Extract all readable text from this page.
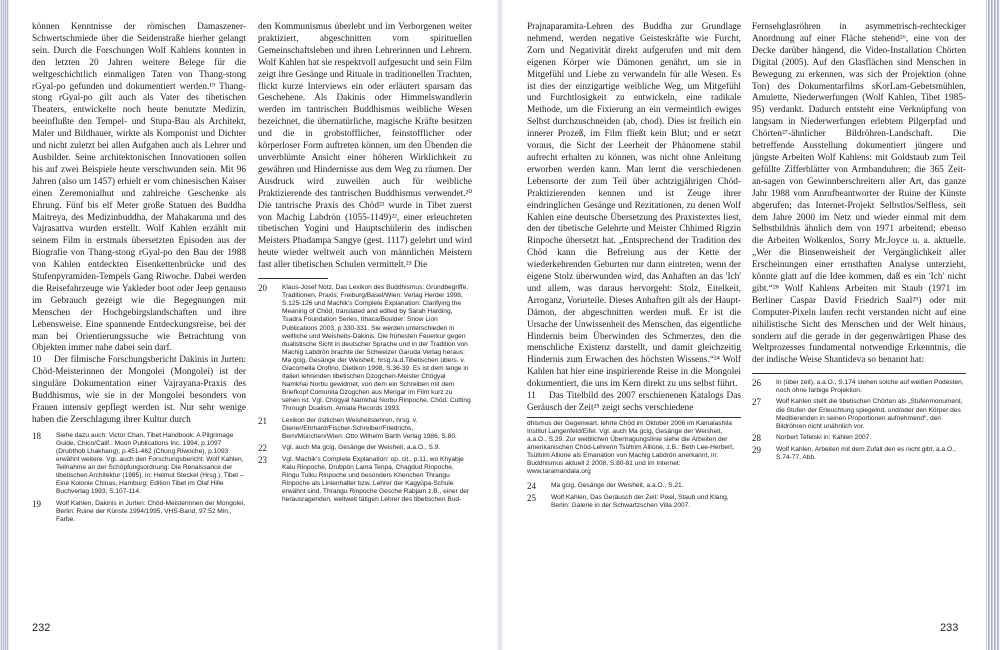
können Kenntnisse der römischen Damaszener-Schwertschmiede über die Seidenstraße hierher gelangt sein. Durch die Forschungen Wolf Kahlens konnten in den letzten 20 Jahren weitere Belege für die weltgeschichtlich einmaligen Taten von Thang-stong rGyal-po gefunden und dokumentiert werden.¹⁹ Thang-stong rGyal-po gilt auch als Vater des tibetischen Theaters, entwickelte noch heute benutzte Medizin, beeinflußte den Tempel- und Stupa-Bau als Architekt, Maler und Bildhauer, wirkte als Komponist und Dichter und nicht zuletzt bei allen Aufgaben auch als Lehrer und Ausbilder. Seine architektonischen Innovationen sollen bis auf zwei Beispiele heute verschwunden sein. Mit 96 Jahren (also um 1457) erhielt er vom chinesischen Kaiser einen Zeremonialhut und zahlreiche Geschenke als Ehrung. Fünf bis elf Meter große Statuen des Buddha Maitreya, des Medizinbuddha, der Mahakaruna und des Vajrasattva wurden erstellt. Wolf Kahlen erzählt mit seinem Film in erstmals übersetzten Episoden aus der Biografie von Thang-stong rGyal-po den Bau der 1988 von Kahlen entdeckten Eisenkettenbrücke und des Stufenpyramiden-Tempels Gang Riwoche. Dabei werden die Reisefahrzeuge wie Yakleder boot oder Jeep genauso im Gebrauch gezeigt wie die Begegnungen mit Menschen der Hochgebirgslandschaften und ihre Lebensweise. Eine spannende Entdeckungsreise, bei der man bei Orientierungssuche wie Betrachtung von Objekten immer nahe dabei sein darf.

10 Der filmische Forschungsbericht Dakinis in Jurten: Chöd-Meisterinnen der Mongolei (Mongolei) ist der singuläre Dokumentation einer Vajrayana-Praxis des Buddhismus, wie sie in der Mongolei besonders von Frauen intensiv gepflegt werden ist. Nur sehr wenige haben die Zerschlagung ihrer Kultur durch

18	Siehe dazu auch: Victor Chan, Tibet Handbook: A Pilgrimage Guide, Chico/Calif.: Moon Publications Inc. 1994, p.1097 (Drubthob Lhakhang); p.451-462 (Chung Riwoche), p.1093 erwähnt weitere. Vgl. auch den Forschungsbericht: Wolf Kahlen, Teilnahme an der Schöpfungsordnung: Die Renaissance der tibetischen Architektur (1985), in: Helmut Steckel (Hrsg.), Tibet – Eine Kolonie Chinas, Hamburg: Edition Tibet im Olaf Hille Buchverlag 1993, S.107-114.
19	Wolf Kahlen, Dakinis in Jurten: Chöd-Meisterinnen der Mongolei, Berlin: Ruine der Künste 1994/1995, VHS-Band, 97:52 Min., Farbe.

den Kommunismus überlebt und im Verborgenen weiter praktiziert, abgeschnitten vom spirituellen Gemeinschaftsleben und ihren Lehrerinnen und Lehrern. Wolf Kahlen hat sie respektvoll aufgesucht und sein Film zeigt ihre Gesänge und Rituale in traditionellen Trachten, flickt kurze Interviews ein oder erläutert sparsam das Geschehene. Als Dakinis oder Himmelswandlerin werden im tantrischen Buddhismus weibliche Wesen bezeichnet, die übernatürliche, magische Kräfte besitzen und die in grobstofflicher, feinstofflicher oder körperloser Form auftreten können, um den Übenden die unverblümte Ansicht einer höheren Wirklichkeit zu gewähren und Hindernisse aus dem Weg zu räumen. Der Ausdruck wird zuweilen auch für weibliche Praktizierende des tantrischen Buddhismus verwendet.²⁰ Die tantrische Praxis des Chöd²¹ wurde in Tibet zuerst von Machig Labdrön (1055-1149)²², einer erleuchteten tibetischen Yogini und Hauptschülerin des indischen Meisters Phadampa Sangye (gest. 1117) gelehrt und wird heute wieder weltweit auch von männlichen Meistern fast aller tibetischen Schulen vermittelt.²³ Die

20	Klaus-Josef Notz, Das Lexikon des Buddhismus: Grundbegriffe, Traditionen, Praxis; Freiburg/Basel/Wien: Verlag Herder 1998, S.125-126 und Machik's Complete Explanation: Clarifying the Meaning of Chöd, translated and edited by Sarah Harding, Tsadra Foundation Series, Ithaca/Boulder: Snow Lion Publications 2003, p.330-331. Sie werden unterschieden in weltliche und Weisheits-Dakinis. Die frühesten Feuerkur gegen dualistische Sicht in deutscher Sprache und in der Tradition von Machig Labdrön brachte der Schweizer Garuda Verlag heraus: Ma gcig, Gesänge der Weisheit, hrsg./a.d.Tibetischen übers. v. Giacomella Orofino, Dietikon 1998, S.36-39. Es ist dem lange in Italien lehrenden tibetischen Dzogchen-Meister Chögyal Namkhai Norbu gewidmet, von dem ein Schreiben mit dem Briefkopf Comunita Dzogchen aus Merigar im Film kurz zu sehen ist. Vgl. Chögyal Namkhai Norbu Rinpoche, Chöd: Cutting Through Dualism, Amiata Records 1993.
21	Lexikon der östlichen Weisheitslehren, hrsg. v. Diener/Ehrhard/Fischer-Schreiber/Friedrichs, Bern/München/Wien: Otto Wilhelm Barth Verlag 1986, S.80.
22	Vgl. auch Ma gcig, Gesänge der Weisheit, a.a.O., S.9.
23	Vgl. Machik's Complete Explanation: op. cit., p.11, wo Khyabje Kalu Rinpoche, Drubpön Lama Tenpa, Chagdud Rinpoche, Ringu Tulku Rinpoche und besonders Khenchen Thrangu Rinpoche als Linienhalter bzw. Lehrer der Kagyüpa-Schule erwähnt sind. Thrangu Rinpoche Gesche Rabjam z.B., einer der herausragenden, weltweit tätigen Lehrer des tibetischen Bud-

Prajnaparamita-Lehren des Buddha zur Grundlage nehmend, werden negative Geisteskräfte wie Furcht, Zorn und Negativität direkt aufgerufen und mit dem eigenen Körper wie Dämonen genährt, um sie in Mitgefühl und Liebe zu verwandeln für alle Wesen. Es ist dies der einzigartige weibliche Weg, um Mitgefühl und Furchtlosigkeit zu entwickeln, eine radikale Methode, um die Fixierung an ein vermeintlich ewiges Selbst durchzuschneiden (ab, chod). Dies ist freilich ein innerer Prozeß, im Film fließt kein Blut; und er setzt voraus, die Sicht der Leerheit der Phänomene stabil aufrecht erhalten zu können, was nicht ohne Anleitung erworben werden kann. Man lernt die verschiedenen Lebensorte der zum Teil über achtzigjährigen Chöd-Praktizierenden kennen und ist Zeuge ihrer eindringlichen Gesänge und Rezitationen, zu denen Wolf Kahlen eine deutsche Übersetzung des Praxistextes liest, den der tibetische Gelehrte und Meister Chhimed Rigzin Rinpoche übersetzt hat. „Entsprechend der Tradition des Chöd kann die Befreiung aus der Kette der wiederkehrenden Geburten nur dann eintreten, wenn der eigene Stolz überwunden wird, das Anhaften an das 'Ich' und allem, was daraus hervorgeht: Stolz, Eitelkeit, Arroganz, Vorurteile. Dieses Anhaften gilt als der Haupt-Dämon, der abgeschnitten werden muß. Er ist die Ursache der Unwissenheit des Menschen, das eigentliche Hindernis beim Überwinden des Schmerzes, den die menschliche Existenz darstellt, und damit gleichzeitig Hindernis zum Erwachen des höchsten Wissens.“²⁴ Wolf Kahlen hat hier eine inspirierende Reise in die Mongolei dokumentiert, die uns im Kern direkt zu uns selbst führt.

11 Das Titelbild des 2007 erschienenen Katalogs Das Geräusch der Zeit²⁵ zeigt sechs verschiedene

dhismus der Gegenwart, lehrte Chöd im Oktober 2006 im Kamalashila Institut Langenfeld/Eifel. Vgl. auch Ma gcig, Gesänge der Weisheit, a.a.O., S.29. Zur weiblichen Übertragungslinie siehe die Arbeiten der amerikanischen Chöd-Lehrerin Tsültrim Allione, z.B.: Beth Lee-Herbert, Tsültrim Allione als Emanation von Machig Labdrön anerkannt, in: Buddhismus aktuell 2 2008, S.80-81 und im Internet: www.taramandala.org

24	Ma gcig, Gesänge der Weisheit, a.a.O., S.21.
25	Wolf Kahlen, Das Geräusch der Zeit: Pixel, Staub und Klang, Berlin: Galerie in der Schwartzschen Villa 2007.

Fernsehglasröhren in asymmetrisch-rechteckiger Anordnung auf einer Fläche stehend²⁶, eine von der Decke darüber hängend, die Video-Installation Chörten Digital (2005). Auf den Glasflächen sind Menschen in Bewegung zu erkennen, was sich der Projektion (ohne Ton) des Dokumentarfilms sKorLam-Gebetsmühlen, Amulette, Niederwerfungen (Wolf Kahlen, Tibet 1985-95) verdankt. Dadurch entsteht eine Verknüpfung von langsam in Niederwerfungen erlebtem Pilgerpfad und Chörten²⁷-ähnlicher Bildröhren-Landschaft. Die betreffende Ausstellung dokumentiert jüngere und jüngste Arbeiten Wolf Kahlens: mit Goldstaub zum Teil gefüllte Zifferblätter von Armbanduhren; die 365 Zeit-an-sagen von Gewinnberschreitern aller Art, das ganze Jahr 1988 vom Anrufbeantworter der Ruine der Künste abgerufen; das Internet-Projekt Selbstlos/Selfless, seit dem Jahre 2000 im Netz und wieder einmal mit dem Selbstbildnis ähnlich dem von 1971 arbeitend; ebenso die Arbeiten Wolkenlos, Sorry Mr.Joyce u. a. aktuelle. „Wer die Binsenweisheit der Vergänglichkeit aller Erscheinungen einer ernsthaften Analyse unterzieht, könnte glatt auf die Idee kommen, daß es ein 'Ich' nicht gibt.“²⁸ Wolf Kahlens Arbeiten mit Staub (1971 im Berliner Caspar David Friedrich Saal²⁹) oder mit Computer-Pixeln laufen recht verstanden nicht auf eine nihilistische Sicht des Menschen und der Welt hinaus, sondern auf die gerade in der gegenwärtigen Phase des Weltprozesses fundamental notwendige Erkenntnis, die der indische Weise Shantideva so benannt hat:

26	In (über zeit), a.a.O., S.174 stehen solche auf weißen Podesten, noch ohne farbige Projektion.
27	Wolf Kahlen stellt die tibetischen Chörten als „Stufenmonument, die Stufen der Erleuchtung spiegelnd, und/oder den Körper des Meditierenden in seinen Proportionen aufnehmend“, den Bildröhren nicht unähnlich vor.
28	Norbert Tefelski in: Kahlen 2007.
29	Wolf Kahlen, Arbeiten mit dem Zufall den es nicht gibt, a.a.O., S.74-77, Abb.
232	233
